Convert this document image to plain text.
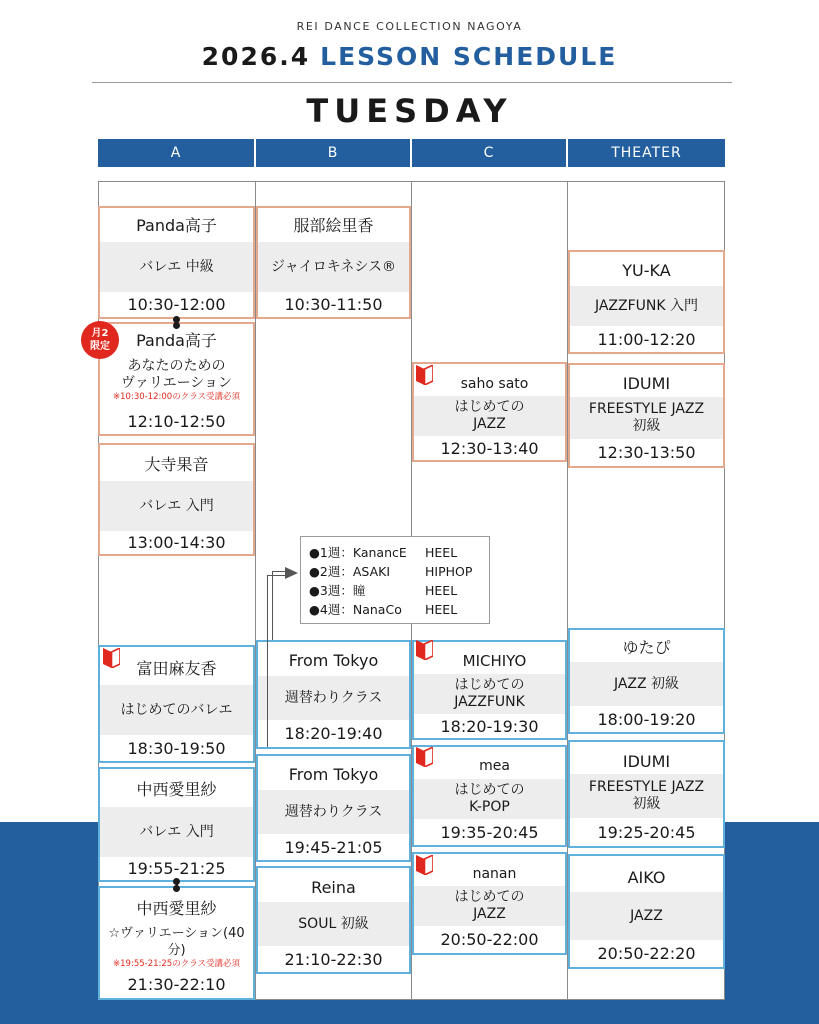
REI DANCE COLLECTION NAGOYA
2026.4 LESSON SCHEDULE
TUESDAY
A	B	C	THEATER
Panda高子
バレエ 中級
10:30-12:00
Panda高子
あなたのための
ヴァリエーション
※10:30-12:00のクラス受講必須
12:10-12:50
大寺果音
バレエ 入門
13:00-14:30
富田麻友香
はじめてのバレエ
18:30-19:50
中西愛里紗
バレエ 入門
19:55-21:25
中西愛里紗
☆ヴァリエーション(40分)
※19:55-21:25のクラス受講必須
21:30-22:10
月2
限定
服部絵里香
ジャイロキネシス®
10:30-11:50
From Tokyo
週替わりクラス
18:20-19:40
From Tokyo
週替わりクラス
19:45-21:05
Reina
SOUL 初級
21:10-22:30
●1週：KanancE HEEL
●2週：ASAKI	HIPHOP
●3週：瞳	HEEL
●4週：NanaCo HEEL
saho sato
はじめての
JAZZ
12:30-13:40
MICHIYO
はじめての
JAZZFUNK
18:20-19:30
mea
はじめての
K-POP
19:35-20:45
nanan
はじめての
JAZZ
20:50-22:00
YU-KA
JAZZFUNK 入門
11:00-12:20
IDUMI
FREESTYLE JAZZ
初級
12:30-13:50
ゆたぴ
JAZZ 初級
18:00-19:20
IDUMI
FREESTYLE JAZZ
初級
19:25-20:45
AIKO
JAZZ
20:50-22:20
